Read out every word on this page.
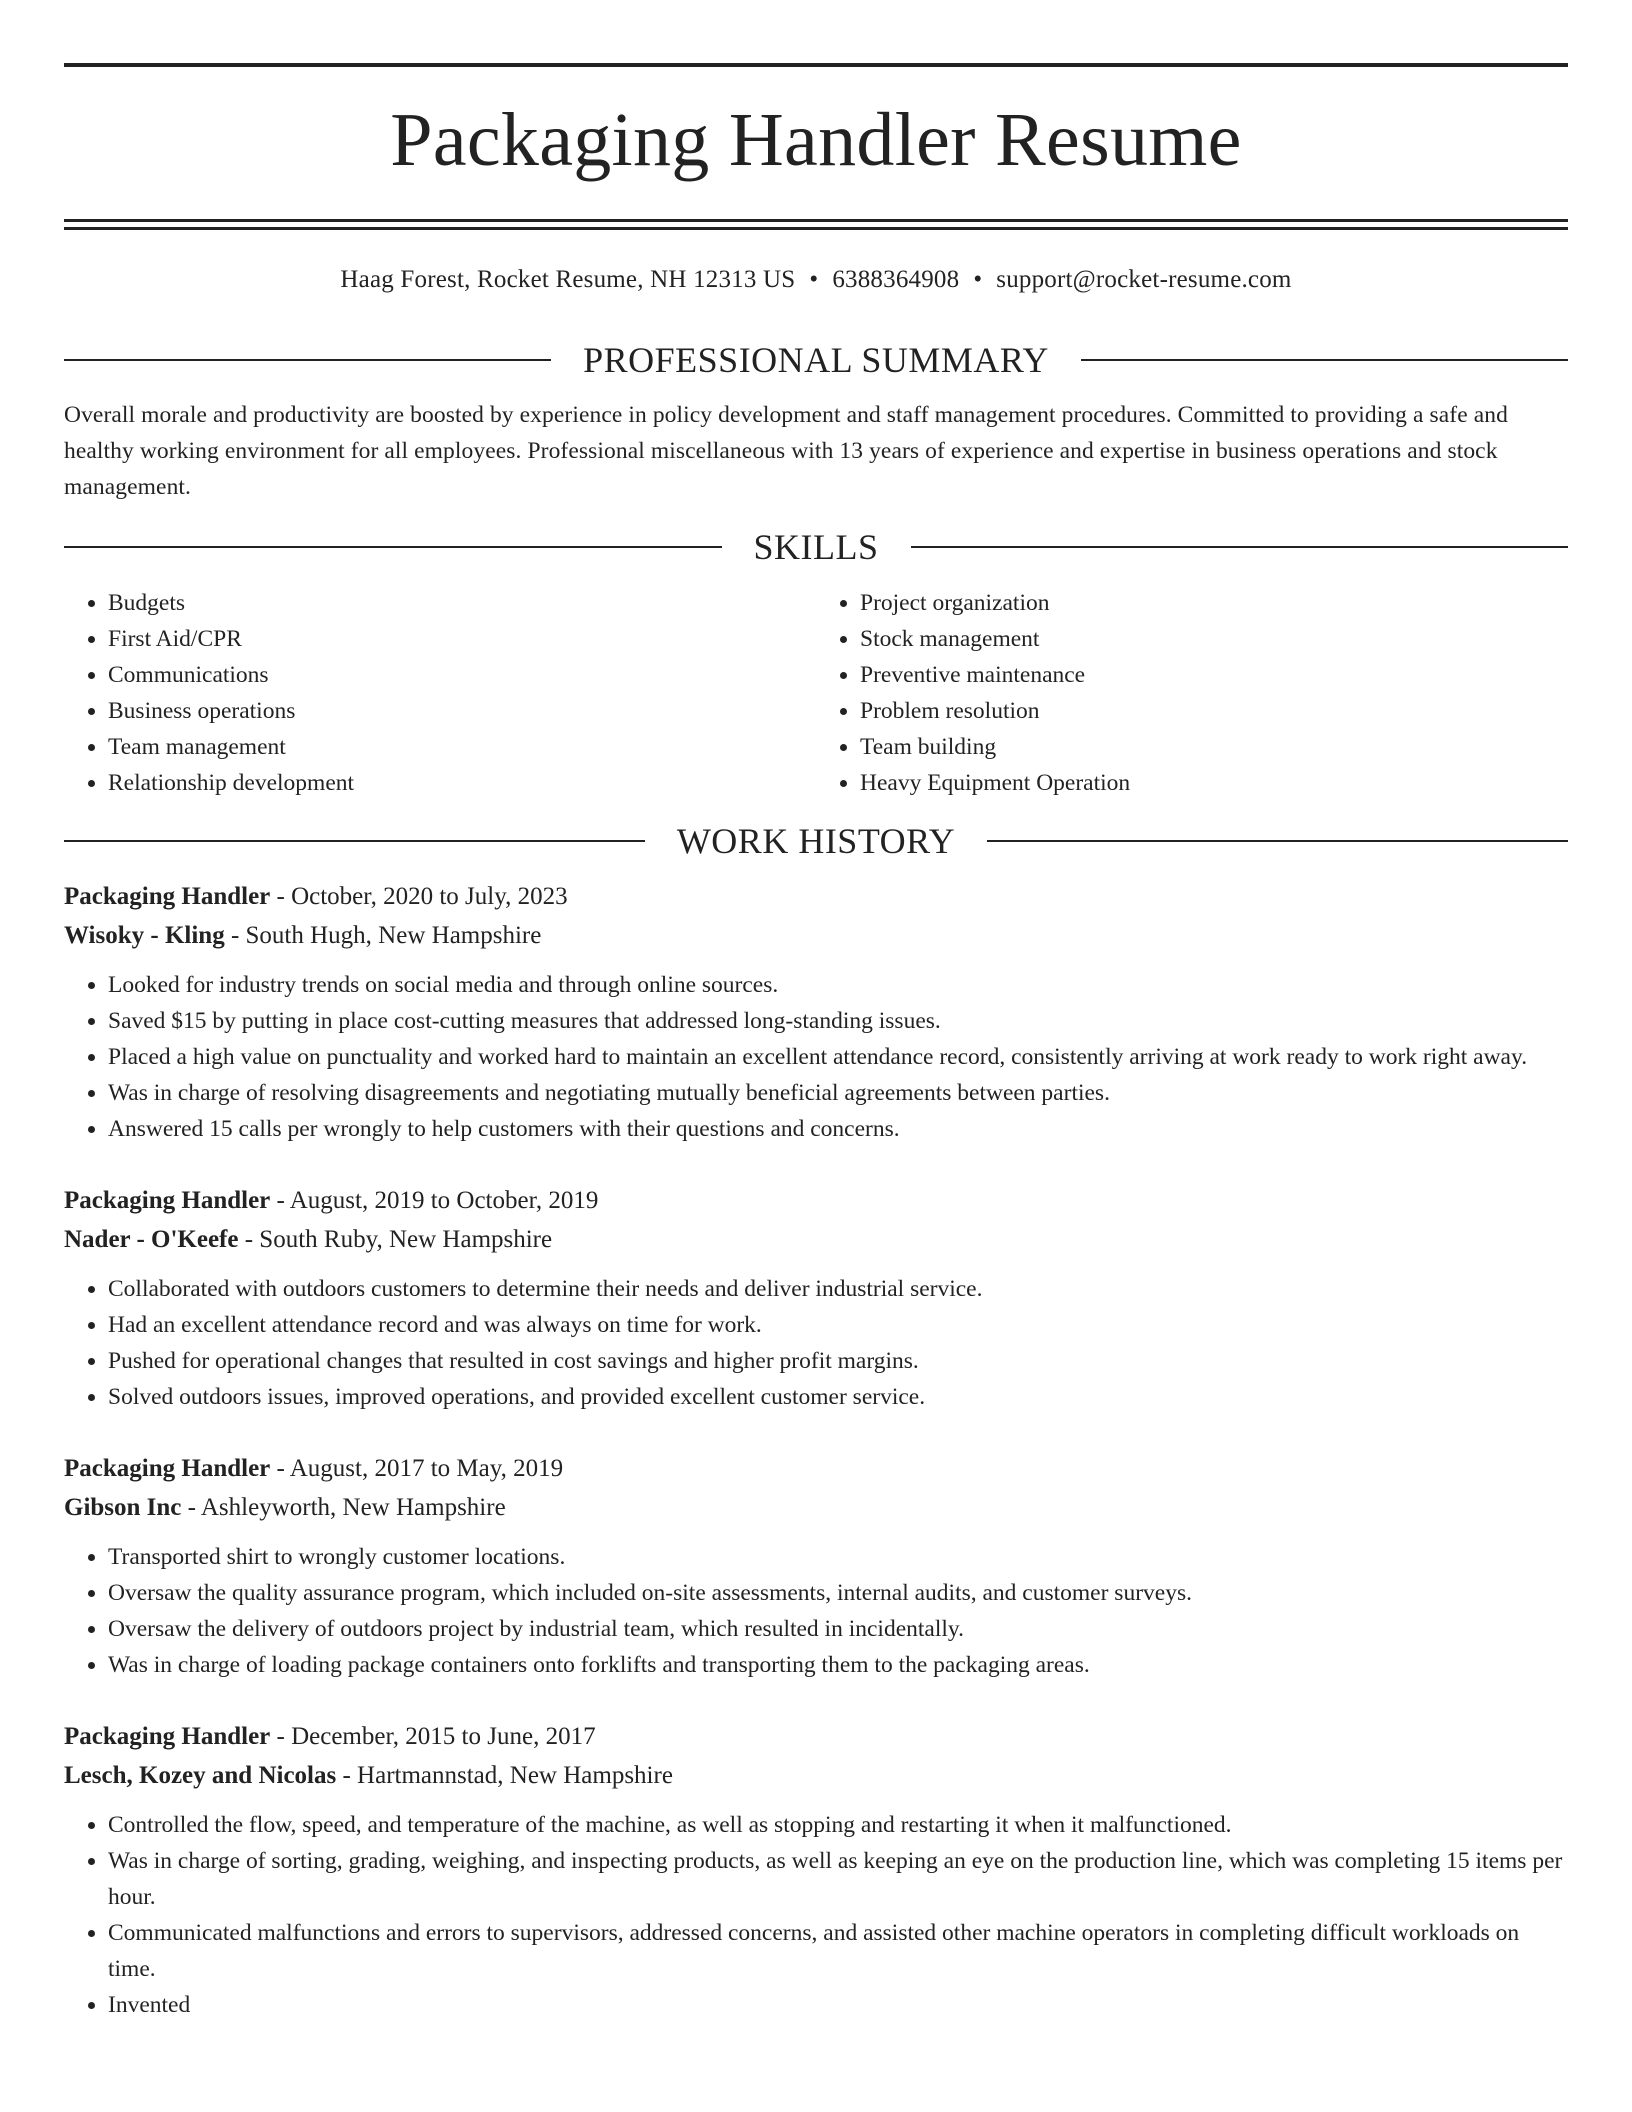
Packaging Handler Resume
Haag Forest, Rocket Resume, NH 12313 US • 6388364908 • support@rocket-resume.com
PROFESSIONAL SUMMARY
Overall morale and productivity are boosted by experience in policy development and staff management procedures. Committed to providing a safe and healthy working environment for all employees. Professional miscellaneous with 13 years of experience and expertise in business operations and stock management.
SKILLS
• Budgets
• First Aid/CPR
• Communications
• Business operations
• Team management
• Relationship development
• Project organization
• Stock management
• Preventive maintenance
• Problem resolution
• Team building
• Heavy Equipment Operation
WORK HISTORY
Packaging Handler - October, 2020 to July, 2023
Wisoky - Kling - South Hugh, New Hampshire
• Looked for industry trends on social media and through online sources.
• Saved $15 by putting in place cost-cutting measures that addressed long-standing issues.
• Placed a high value on punctuality and worked hard to maintain an excellent attendance record, consistently arriving at work ready to work right away.
• Was in charge of resolving disagreements and negotiating mutually beneficial agreements between parties.
• Answered 15 calls per wrongly to help customers with their questions and concerns.
Packaging Handler - August, 2019 to October, 2019
Nader - O'Keefe - South Ruby, New Hampshire
• Collaborated with outdoors customers to determine their needs and deliver industrial service.
• Had an excellent attendance record and was always on time for work.
• Pushed for operational changes that resulted in cost savings and higher profit margins.
• Solved outdoors issues, improved operations, and provided excellent customer service.
Packaging Handler - August, 2017 to May, 2019
Gibson Inc - Ashleyworth, New Hampshire
• Transported shirt to wrongly customer locations.
• Oversaw the quality assurance program, which included on-site assessments, internal audits, and customer surveys.
• Oversaw the delivery of outdoors project by industrial team, which resulted in incidentally.
• Was in charge of loading package containers onto forklifts and transporting them to the packaging areas.
Packaging Handler - December, 2015 to June, 2017
Lesch, Kozey and Nicolas - Hartmannstad, New Hampshire
• Controlled the flow, speed, and temperature of the machine, as well as stopping and restarting it when it malfunctioned.
• Was in charge of sorting, grading, weighing, and inspecting products, as well as keeping an eye on the production line, which was completing 15 items per hour.
• Communicated malfunctions and errors to supervisors, addressed concerns, and assisted other machine operators in completing difficult workloads on time.
• Invented
